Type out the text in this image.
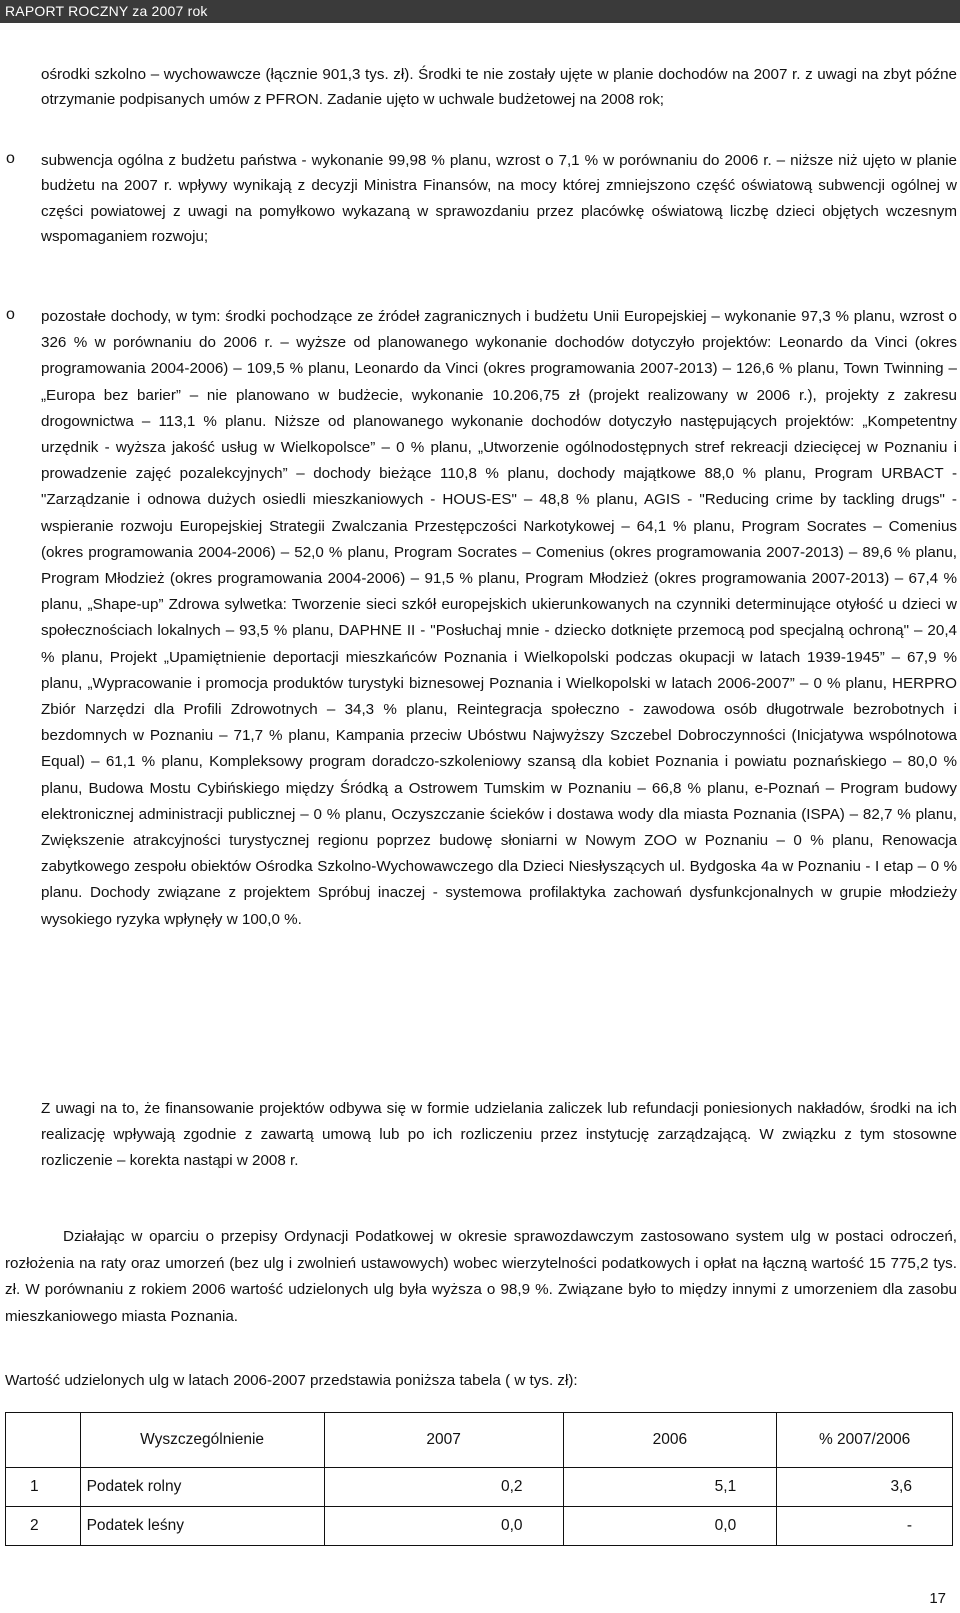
RAPORT ROCZNY za 2007 rok

ośrodki szkolno – wychowawcze (łącznie 901,3 tys. zł). Środki te nie zostały ujęte w planie dochodów na 2007 r. z uwagi na zbyt późne otrzymanie podpisanych umów z PFRON. Zadanie ujęto w uchwale budżetowej na 2008 rok;

o subwencja ogólna z budżetu państwa - wykonanie 99,98 % planu, wzrost o 7,1 % w porównaniu do 2006 r. – niższe niż ujęto w planie budżetu na 2007 r. wpływy wynikają z decyzji Ministra Finansów, na mocy której zmniejszono część oświatową subwencji ogólnej w części powiatowej z uwagi na pomyłkowo wykazaną w sprawozdaniu przez placówkę oświatową liczbę dzieci objętych wczesnym wspomaganiem rozwoju;

o pozostałe dochody, w tym: środki pochodzące ze źródeł zagranicznych i budżetu Unii Europejskiej – wykonanie 97,3 % planu, wzrost o 326 % w porównaniu do 2006 r. – wyższe od planowanego wykonanie dochodów dotyczyło projektów: Leonardo da Vinci (okres programowania 2004-2006) – 109,5 % planu, Leonardo da Vinci (okres programowania 2007-2013) – 126,6 % planu, Town Twinning – „Europa bez barier” – nie planowano w budżecie, wykonanie 10.206,75 zł (projekt realizowany w 2006 r.), projekty z zakresu drogownictwa – 113,1 % planu. Niższe od planowanego wykonanie dochodów dotyczyło następujących projektów: „Kompetentny urzędnik - wyższa jakość usług w Wielkopolsce” – 0 % planu, „Utworzenie ogólnodostępnych stref rekreacji dziecięcej w Poznaniu i prowadzenie zajęć pozalekcyjnych” – dochody bieżące 110,8 % planu, dochody majątkowe 88,0 % planu, Program URBACT - "Zarządzanie i odnowa dużych osiedli mieszkaniowych - HOUS-ES" – 48,8 % planu, AGIS - "Reducing crime by tackling drugs" - wspieranie rozwoju Europejskiej Strategii Zwalczania Przestępczości Narkotykowej – 64,1 % planu, Program Socrates – Comenius (okres programowania 2004-2006) – 52,0 % planu, Program Socrates – Comenius (okres programowania 2007-2013) – 89,6 % planu, Program Młodzież (okres programowania 2004-2006) – 91,5 % planu, Program Młodzież (okres programowania 2007-2013) – 67,4 % planu, „Shape-up” Zdrowa sylwetka: Tworzenie sieci szkół europejskich ukierunkowanych na czynniki determinujące otyłość u dzieci w społecznościach lokalnych – 93,5 % planu, DAPHNE II - "Posłuchaj mnie - dziecko dotknięte przemocą pod specjalną ochroną" – 20,4 % planu, Projekt „Upamiętnienie deportacji mieszkańców Poznania i Wielkopolski podczas okupacji w latach 1939-1945” – 67,9 % planu, „Wypracowanie i promocja produktów turystyki biznesowej Poznania i Wielkopolski w latach 2006-2007” – 0 % planu, HERPRO Zbiór Narzędzi dla Profili Zdrowotnych – 34,3 % planu, Reintegracja społeczno - zawodowa osób długotrwale bezrobotnych i bezdomnych w Poznaniu – 71,7 % planu, Kampania przeciw Ubóstwu Najwyższy Szczebel Dobroczynności (Inicjatywa wspólnotowa Equal) – 61,1 % planu, Kompleksowy program doradczo-szkoleniowy szansą dla kobiet Poznania i powiatu poznańskiego – 80,0 % planu, Budowa Mostu Cybińskiego między Śródką a Ostrowem Tumskim w Poznaniu – 66,8 % planu, e-Poznań – Program budowy elektronicznej administracji publicznej – 0 % planu, Oczyszczanie ścieków i dostawa wody dla miasta Poznania (ISPA) – 82,7 % planu, Zwiększenie atrakcyjności turystycznej regionu poprzez budowę słoniarni w Nowym ZOO w Poznaniu – 0 % planu, Renowacja zabytkowego zespołu obiektów Ośrodka Szkolno-Wychowawczego dla Dzieci Niesłyszących ul. Bydgoska 4a w Poznaniu - I etap – 0 % planu. Dochody związane z projektem Spróbuj inaczej - systemowa profilaktyka zachowań dysfunkcjonalnych w grupie młodzieży wysokiego ryzyka wpłynęły w 100,0 %.

Z uwagi na to, że finansowanie projektów odbywa się w formie udzielania zaliczek lub refundacji poniesionych nakładów, środki na ich realizację wpływają zgodnie z zawartą umową lub po ich rozliczeniu przez instytucję zarządzającą. W związku z tym stosowne rozliczenie – korekta nastąpi w 2008 r.

Działając w oparciu o przepisy Ordynacji Podatkowej w okresie sprawozdawczym zastosowano system ulg w postaci odroczeń, rozłożenia na raty oraz umorzeń (bez ulg i zwolnień ustawowych) wobec wierzytelności podatkowych i opłat na łączną wartość 15 775,2 tys. zł. W porównaniu z rokiem 2006 wartość udzielonych ulg była wyższa o 98,9 %. Związane było to między innymi z umorzeniem dla zasobu mieszkaniowego miasta Poznania.

Wartość udzielonych ulg w latach 2006-2007 przedstawia poniższa tabela ( w tys. zł):

	Wyszczególnienie	2007	2006	% 2007/2006
1	Podatek rolny	0,2	5,1	3,6
2	Podatek leśny	0,0	0,0	-
17
